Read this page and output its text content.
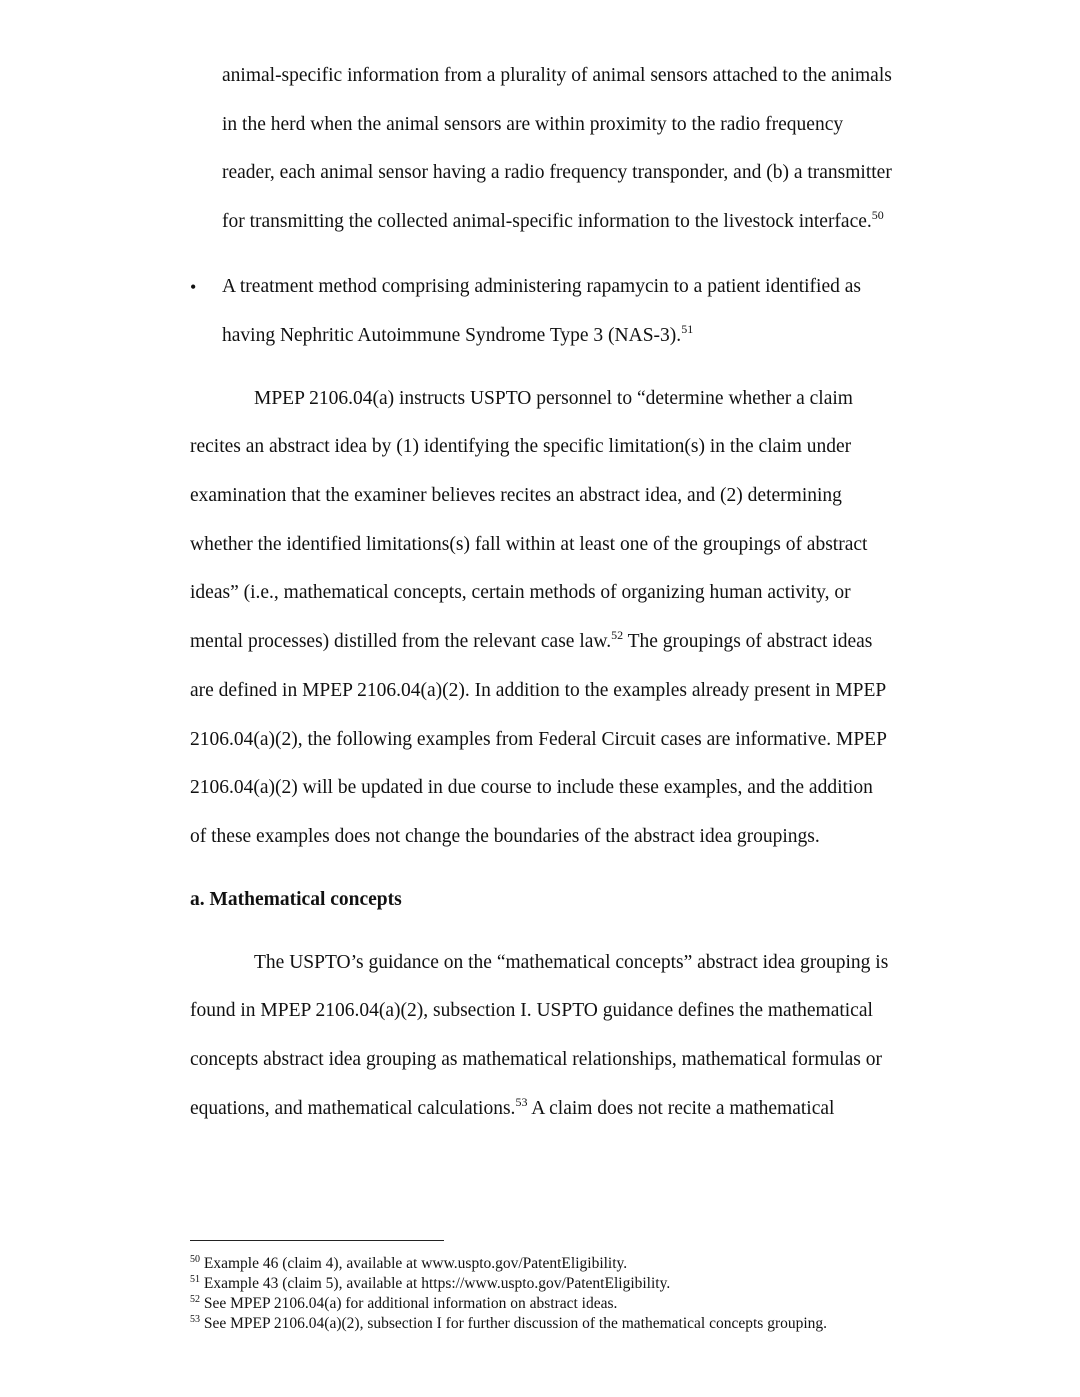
animal-specific information from a plurality of animal sensors attached to the animals
in the herd when the animal sensors are within proximity to the radio frequency
reader, each animal sensor having a radio frequency transponder, and (b) a transmitter
for transmitting the collected animal-specific information to the livestock interface.$^{50}$
• A treatment method comprising administering rapamycin to a patient identified as
having Nephritic Autoimmune Syndrome Type 3 (NAS-3).$^{51}$
MPEP 2106.04(a) instructs USPTO personnel to “determine whether a claim
recites an abstract idea by (1) identifying the specific limitation(s) in the claim under
examination that the examiner believes recites an abstract idea, and (2) determining
whether the identified limitations(s) fall within at least one of the groupings of abstract
ideas” (i.e., mathematical concepts, certain methods of organizing human activity, or
mental processes) distilled from the relevant case law.$^{52}$ The groupings of abstract ideas
are defined in MPEP 2106.04(a)(2). In addition to the examples already present in MPEP
2106.04(a)(2), the following examples from Federal Circuit cases are informative. MPEP
2106.04(a)(2) will be updated in due course to include these examples, and the addition
of these examples does not change the boundaries of the abstract idea groupings.
a. Mathematical concepts
The USPTO’s guidance on the “mathematical concepts” abstract idea grouping is
found in MPEP 2106.04(a)(2), subsection I. USPTO guidance defines the mathematical
concepts abstract idea grouping as mathematical relationships, mathematical formulas or
equations, and mathematical calculations.$^{53}$ A claim does not recite a mathematical
$^{50}$ Example 46 (claim 4), available at www.uspto.gov/PatentEligibility.
$^{51}$ Example 43 (claim 5), available at https://www.uspto.gov/PatentEligibility.
$^{52}$ See MPEP 2106.04(a) for additional information on abstract ideas.
$^{53}$ See MPEP 2106.04(a)(2), subsection I for further discussion of the mathematical concepts grouping.
